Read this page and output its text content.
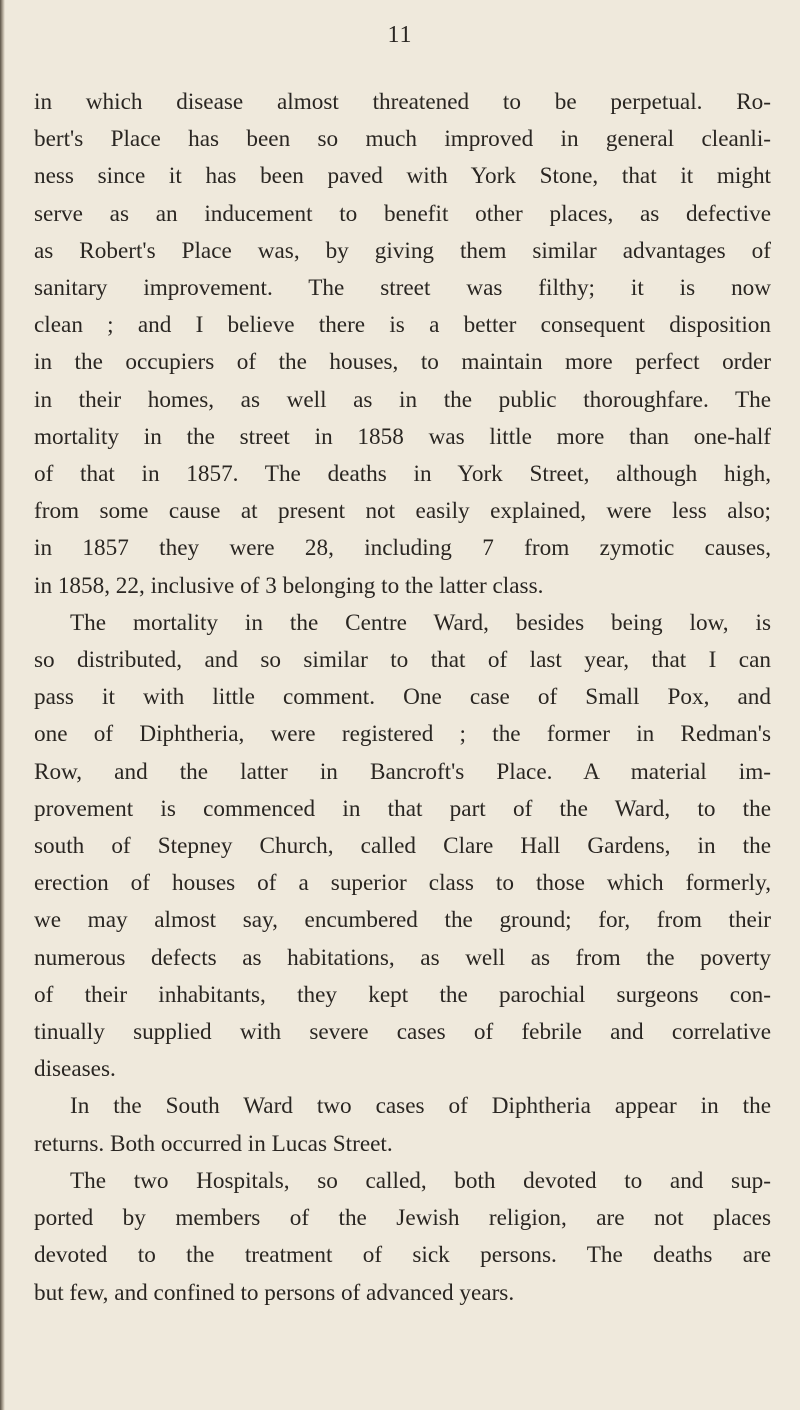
11
in which disease almost threatened to be perpetual. Ro-
bert's Place has been so much improved in general cleanli-
ness since it has been paved with York Stone, that it might
serve as an inducement to benefit other places, as defective
as Robert's Place was, by giving them similar advantages of
sanitary improvement. The street was filthy; it is now
clean ; and I believe there is a better consequent disposition
in the occupiers of the houses, to maintain more perfect order
in their homes, as well as in the public thoroughfare. The
mortality in the street in 1858 was little more than one-half
of that in 1857. The deaths in York Street, although high,
from some cause at present not easily explained, were less also;
in 1857 they were 28, including 7 from zymotic causes,
in 1858, 22, inclusive of 3 belonging to the latter class.
The mortality in the Centre Ward, besides being low, is
so distributed, and so similar to that of last year, that I can
pass it with little comment. One case of Small Pox, and
one of Diphtheria, were registered ; the former in Redman's
Row, and the latter in Bancroft's Place. A material im-
provement is commenced in that part of the Ward, to the
south of Stepney Church, called Clare Hall Gardens, in the
erection of houses of a superior class to those which formerly,
we may almost say, encumbered the ground; for, from their
numerous defects as habitations, as well as from the poverty
of their inhabitants, they kept the parochial surgeons con-
tinually supplied with severe cases of febrile and correlative
diseases.
In the South Ward two cases of Diphtheria appear in the
returns. Both occurred in Lucas Street.
The two Hospitals, so called, both devoted to and sup-
ported by members of the Jewish religion, are not places
devoted to the treatment of sick persons. The deaths are
but few, and confined to persons of advanced years.
